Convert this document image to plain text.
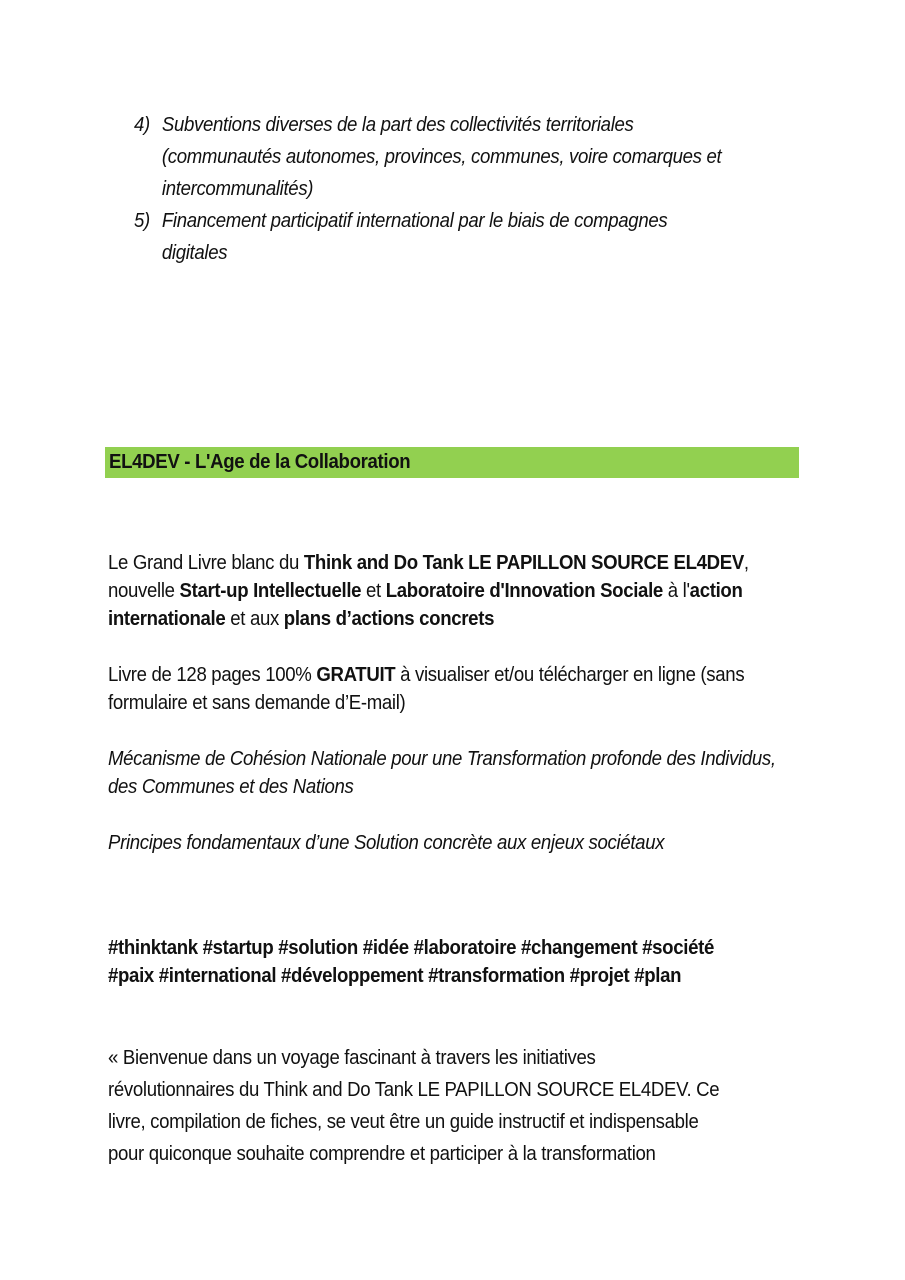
4) Subventions diverses de la part des collectivités territoriales
(communautés autonomes, provinces, communes, voire comarques et
intercommunalités)
5) Financement participatif international par le biais de compagnes
digitales
EL4DEV - L'Age de la Collaboration
Le Grand Livre blanc du Think and Do Tank LE PAPILLON SOURCE EL4DEV, nouvelle Start-up Intellectuelle et Laboratoire d'Innovation Sociale à l'action internationale et aux plans d’actions concrets
Livre de 128 pages 100% GRATUIT à visualiser et/ou télécharger en ligne (sans formulaire et sans demande d’E-mail)
Mécanisme de Cohésion Nationale pour une Transformation profonde des Individus, des Communes et des Nations
Principes fondamentaux d’une Solution concrète aux enjeux sociétaux
#thinktank #startup #solution #idée #laboratoire #changement #société
#paix #international #développement #transformation #projet #plan
« Bienvenue dans un voyage fascinant à travers les initiatives
révolutionnaires du Think and Do Tank LE PAPILLON SOURCE EL4DEV. Ce
livre, compilation de fiches, se veut être un guide instructif et indispensable
pour quiconque souhaite comprendre et participer à la transformation
